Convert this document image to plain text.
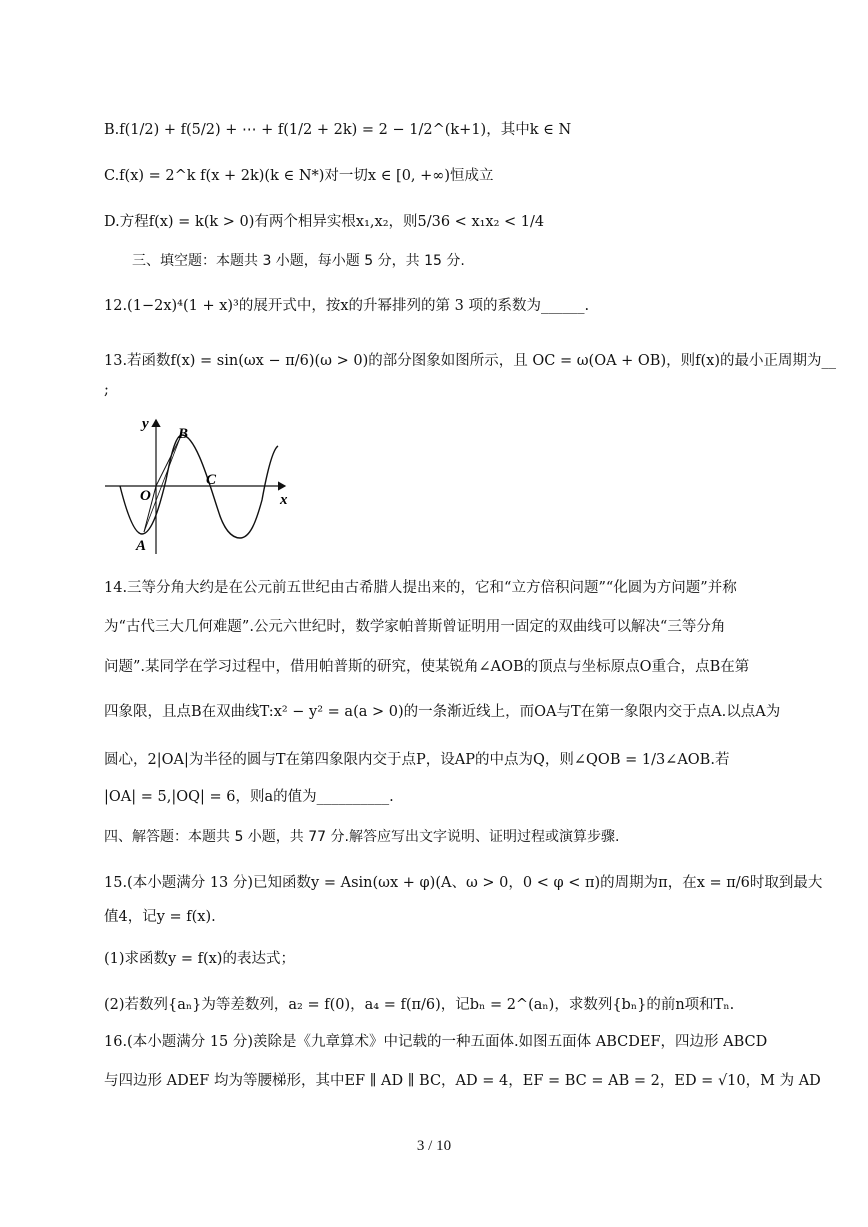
B.f(1/2) + f(5/2) + ⋯ + f(1/2 + 2k) = 2 − 1/2^(k+1)，其中k ∈ N
C.f(x) = 2^k f(x + 2k)(k ∈ N*)对一切x ∈ [0, +∞)恒成立
D.方程f(x) = k(k > 0)有两个相异实根x₁,x₂，则5/36 < x₁x₂ < 1/4
三、填空题：本题共 3 小题，每小题 5 分，共 15 分.
12.(1−2x)⁴(1 + x)³的展开式中，按x的升幂排列的第 3 项的系数为______.
13.若函数f(x) = sin(ωx − π/6)(ω > 0)的部分图象如图所示，且 OC = ω(OA + OB)，则f(x)的最小正周期为__
;
y
x
O
A
B
C
14.三等分角大约是在公元前五世纪由古希腊人提出来的，它和“立方倍积问题”“化圆为方问题”并称
为“古代三大几何难题”.公元六世纪时，数学家帕普斯曾证明用一固定的双曲线可以解决“三等分角
问题”.某同学在学习过程中，借用帕普斯的研究，使某锐角∠AOB的顶点与坐标原点O重合，点B在第
四象限，且点B在双曲线T:x² − y² = a(a > 0)的一条渐近线上，而OA与T在第一象限内交于点A.以点A为
圆心，2|OA|为半径的圆与T在第四象限内交于点P，设AP的中点为Q，则∠QOB = 1/3∠AOB.若
|OA| = 5,|OQ| = 6，则a的值为__________.
四、解答题：本题共 5 小题，共 77 分.解答应写出文字说明、证明过程或演算步骤.
15.(本小题满分 13 分)已知函数y = Asin(ωx + φ)(A、ω > 0，0 < φ < π)的周期为π，在x = π/6时取到最大
值4，记y = f(x).
(1)求函数y = f(x)的表达式；
(2)若数列{aₙ}为等差数列，a₂ = f(0)，a₄ = f(π/6)，记bₙ = 2^(aₙ)，求数列{bₙ}的前n项和Tₙ.
16.(本小题满分 15 分)羡除是《九章算术》中记载的一种五面体.如图五面体 ABCDEF，四边形 ABCD
与四边形 ADEF 均为等腰梯形，其中EF ∥ AD ∥ BC，AD = 4，EF = BC = AB = 2，ED = √10，M 为 AD
3 / 10
